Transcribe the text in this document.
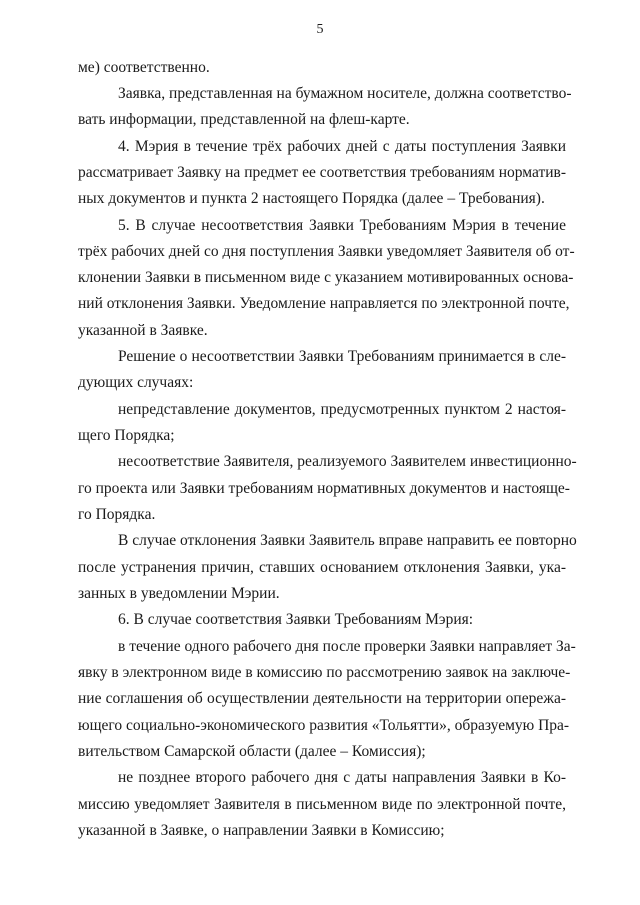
5
ме) соответственно.
Заявка, представленная на бумажном носителе, должна соответство-
вать информации, представленной на флеш-карте.
4. Мэрия в течение трёх рабочих дней с даты поступления Заявки
рассматривает Заявку на предмет ее соответствия требованиям норматив-
ных документов и пункта 2 настоящего Порядка (далее – Требования).
5. В случае несоответствия Заявки Требованиям Мэрия в течение
трёх рабочих дней со дня поступления Заявки уведомляет Заявителя об от-
клонении Заявки в письменном виде с указанием мотивированных основа-
ний отклонения Заявки. Уведомление направляется по электронной почте,
указанной в Заявке.
Решение о несоответствии Заявки Требованиям принимается в сле-
дующих случаях:
непредставление документов, предусмотренных пунктом 2 настоя-
щего Порядка;
несоответствие Заявителя, реализуемого Заявителем инвестиционно-
го проекта или Заявки требованиям нормативных документов и настояще-
го Порядка.
В случае отклонения Заявки Заявитель вправе направить ее повторно
после устранения причин, ставших основанием отклонения Заявки, ука-
занных в уведомлении Мэрии.
6. В случае соответствия Заявки Требованиям Мэрия:
в течение одного рабочего дня после проверки Заявки направляет За-
явку в электронном виде в комиссию по рассмотрению заявок на заключе-
ние соглашения об осуществлении деятельности на территории опережа-
ющего социально-экономического развития «Тольятти», образуемую Пра-
вительством Самарской области (далее – Комиссия);
не позднее второго рабочего дня с даты направления Заявки в Ко-
миссию уведомляет Заявителя в письменном виде по электронной почте,
указанной в Заявке, о направлении Заявки в Комиссию;
